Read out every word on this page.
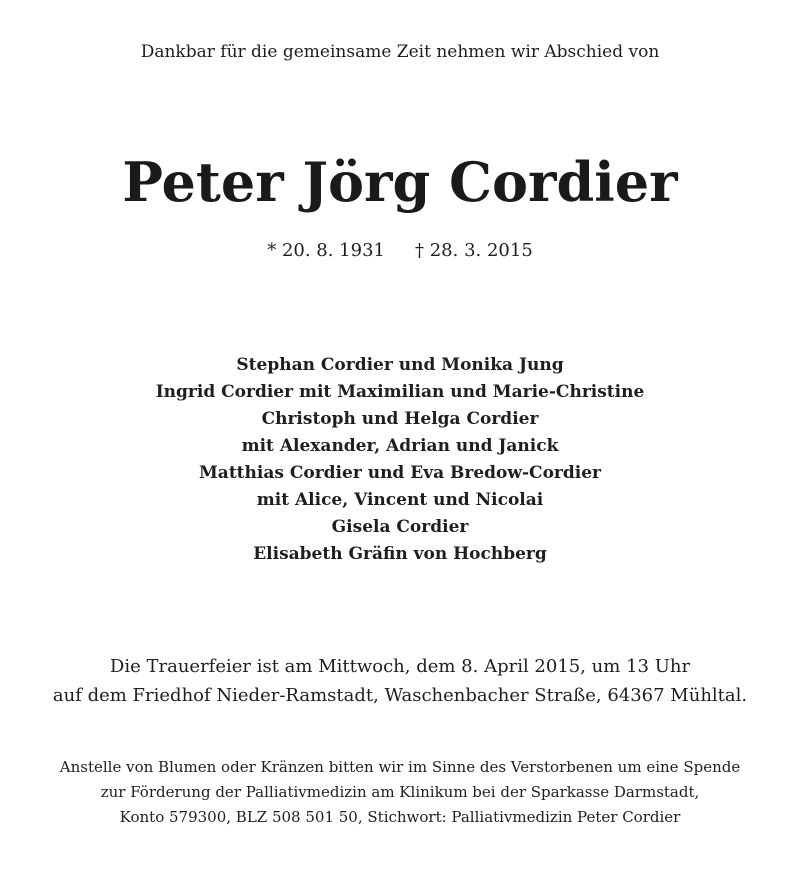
Dankbar für die gemeinsame Zeit nehmen wir Abschied von
Peter Jörg Cordier
* 20. 8. 1931 † 28. 3. 2015
Stephan Cordier und Monika Jung
Ingrid Cordier mit Maximilian und Marie-Christine
Christoph und Helga Cordier
mit Alexander, Adrian und Janick
Matthias Cordier und Eva Bredow-Cordier
mit Alice, Vincent und Nicolai
Gisela Cordier
Elisabeth Gräfin von Hochberg
Die Trauerfeier ist am Mittwoch, dem 8. April 2015, um 13 Uhr
auf dem Friedhof Nieder-Ramstadt, Waschenbacher Straße, 64367 Mühltal.
Anstelle von Blumen oder Kränzen bitten wir im Sinne des Verstorbenen um eine Spende
zur Förderung der Palliativmedizin am Klinikum bei der Sparkasse Darmstadt,
Konto 579300, BLZ 508 501 50, Stichwort: Palliativmedizin Peter Cordier
